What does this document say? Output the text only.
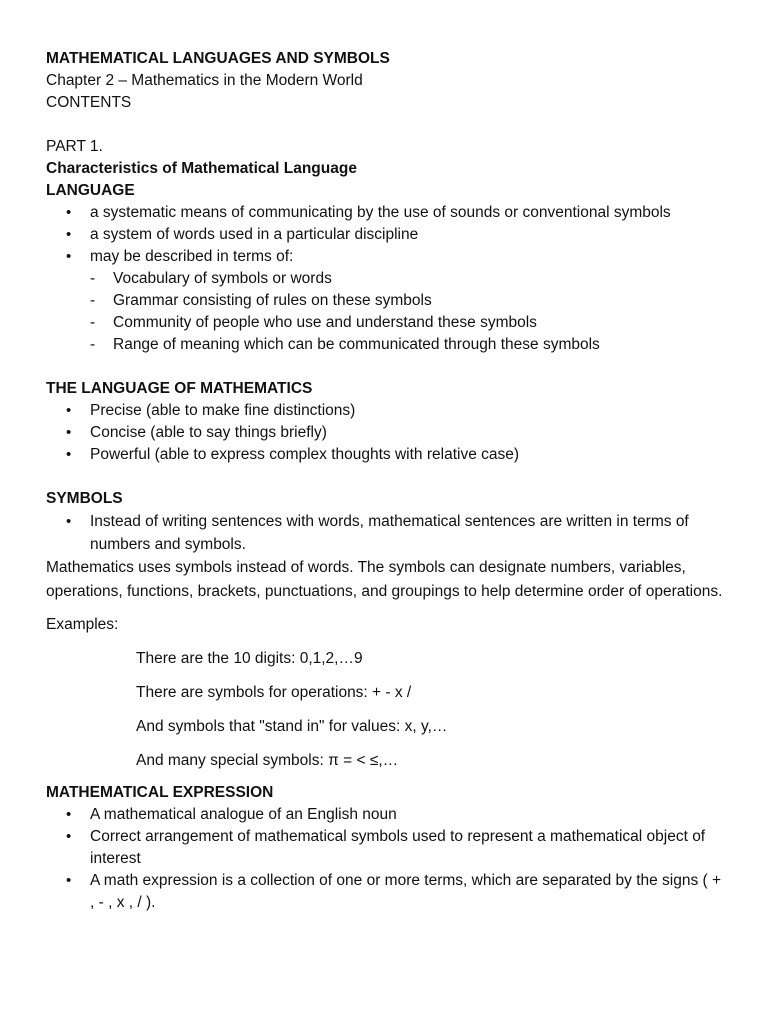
MATHEMATICAL LANGUAGES AND SYMBOLS
Chapter 2 – Mathematics in the Modern World
CONTENTS
PART 1.
Characteristics of Mathematical Language
LANGUAGE
• a systematic means of communicating by the use of sounds or conventional symbols
• a system of words used in a particular discipline
• may be described in terms of:
- Vocabulary of symbols or words
- Grammar consisting of rules on these symbols
- Community of people who use and understand these symbols
- Range of meaning which can be communicated through these symbols
THE LANGUAGE OF MATHEMATICS
• Precise (able to make fine distinctions)
• Concise (able to say things briefly)
• Powerful (able to express complex thoughts with relative case)
SYMBOLS
• Instead of writing sentences with words, mathematical sentences are written in terms of numbers and symbols.

Mathematics uses symbols instead of words. The symbols can designate numbers, variables, operations, functions, brackets, punctuations, and groupings to help determine order of operations.

Examples:

There are the 10 digits: 0,1,2,…9

There are symbols for operations: + - x /

And symbols that "stand in" for values: x, y,…

And many special symbols: π = < ≤,…

MATHEMATICAL EXPRESSION
• A mathematical analogue of an English noun
• Correct arrangement of mathematical symbols used to represent a mathematical object of interest
• A math expression is a collection of one or more terms, which are separated by the signs ( + , - , x , / ).
